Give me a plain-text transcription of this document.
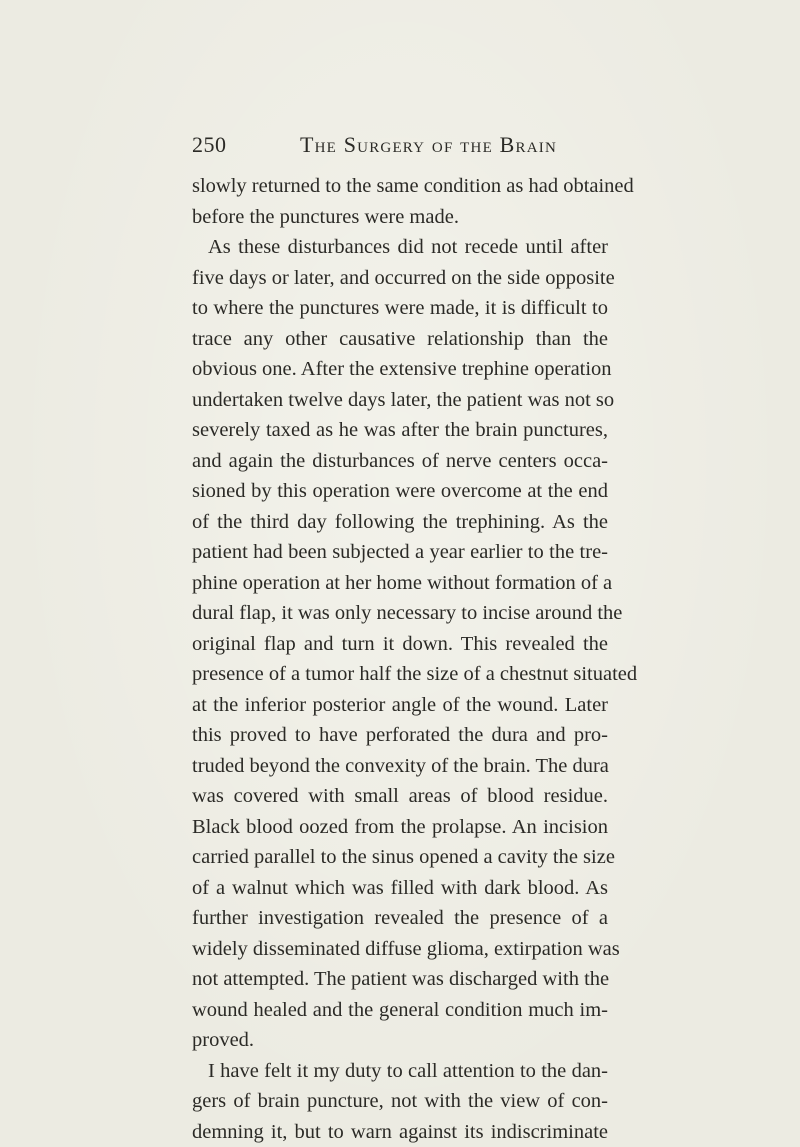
250	The Surgery of the Brain
slowly returned to the same condition as had obtained
before the punctures were made.
As these disturbances did not recede until after
five days or later, and occurred on the side opposite
to where the punctures were made, it is difficult to
trace any other causative relationship than the
obvious one. After the extensive trephine operation
undertaken twelve days later, the patient was not so
severely taxed as he was after the brain punctures,
and again the disturbances of nerve centers occa-
sioned by this operation were overcome at the end
of the third day following the trephining. As the
patient had been subjected a year earlier to the tre-
phine operation at her home without formation of a
dural flap, it was only necessary to incise around the
original flap and turn it down. This revealed the
presence of a tumor half the size of a chestnut situated
at the inferior posterior angle of the wound. Later
this proved to have perforated the dura and pro-
truded beyond the convexity of the brain. The dura
was covered with small areas of blood residue.
Black blood oozed from the prolapse. An incision
carried parallel to the sinus opened a cavity the size
of a walnut which was filled with dark blood. As
further investigation revealed the presence of a
widely disseminated diffuse glioma, extirpation was
not attempted. The patient was discharged with the
wound healed and the general condition much im-
proved.
I have felt it my duty to call attention to the dan-
gers of brain puncture, not with the view of con-
demning it, but to warn against its indiscriminate
